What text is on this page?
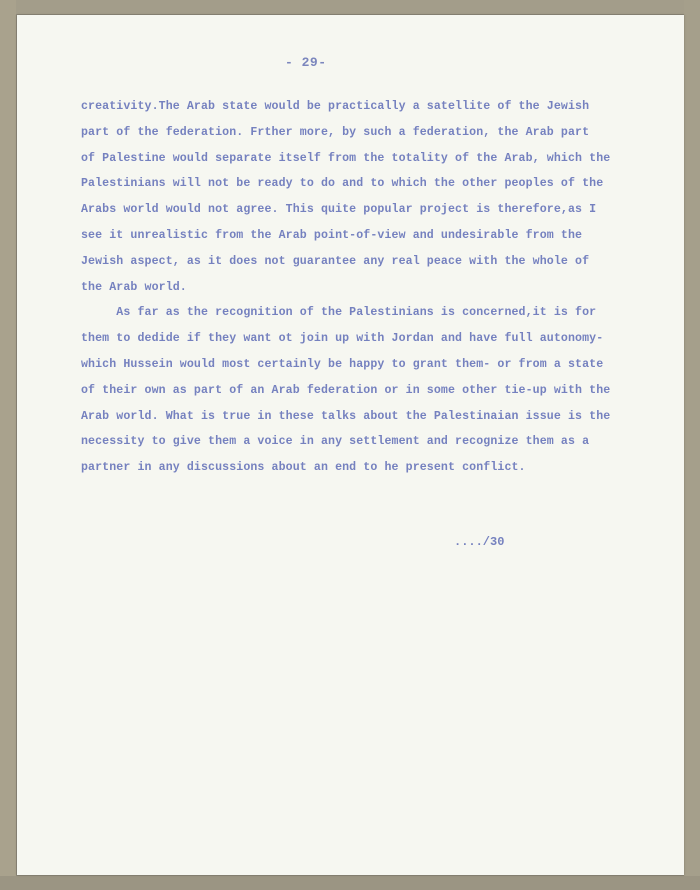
- 29-
creativity.The Arab state would be practically a satellite of the Jewish
part of the federation. Frther more, by such a federation, the Arab part
of Palestine would separate itself from the totality of the Arab, which the
Palestinians will not be ready to do and to which the other peoples of the
Arabs world would not agree. This quite popular project is therefore,as I
see it unrealistic from the Arab point-of-view and undesirable from the
Jewish aspect, as it does not guarantee any real peace with the whole of
the Arab world.
As far as the recognition of the Palestinians is concerned,it is for
them to dedide if they want ot join up with Jordan and have full autonomy-
which Hussein would most certainly be happy to grant them- or from a state
of their own as part of an Arab federation or in some other tie-up with the
Arab world. What is true in these talks about the Palestinaian issue is the
necessity to give them a voice in any settlement and recognize them as a
partner in any discussions about an end to he present conflict.
..../30
